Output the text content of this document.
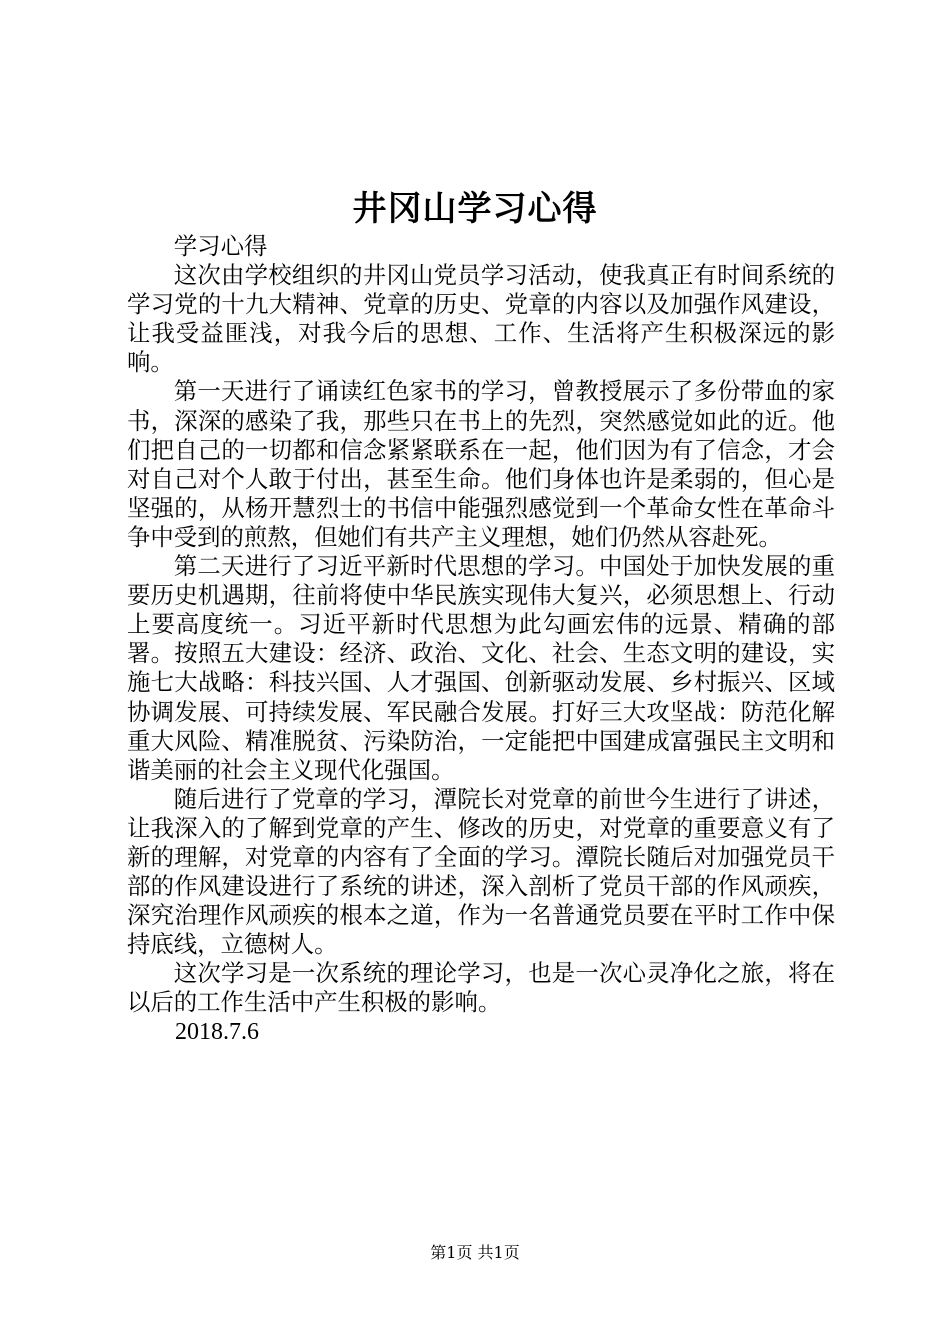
井冈山学习心得

学习心得

这次由学校组织的井冈山党员学习活动，使我真正有时间系统的学习党的十九大精神、党章的历史、党章的内容以及加强作风建设，让我受益匪浅，对我今后的思想、工作、生活将产生积极深远的影响。

第一天进行了诵读红色家书的学习，曾教授展示了多份带血的家书，深深的感染了我，那些只在书上的先烈，突然感觉如此的近。他们把自己的一切都和信念紧紧联系在一起，他们因为有了信念，才会对自己对个人敢于付出，甚至生命。他们身体也许是柔弱的，但心是坚强的，从杨开慧烈士的书信中能强烈感觉到一个革命女性在革命斗争中受到的煎熬，但她们有共产主义理想，她们仍然从容赴死。

第二天进行了习近平新时代思想的学习。中国处于加快发展的重要历史机遇期，往前将使中华民族实现伟大复兴，必须思想上、行动上要高度统一。习近平新时代思想为此勾画宏伟的远景、精确的部署。按照五大建设：经济、政治、文化、社会、生态文明的建设，实施七大战略：科技兴国、人才强国、创新驱动发展、乡村振兴、区域协调发展、可持续发展、军民融合发展。打好三大攻坚战：防范化解重大风险、精准脱贫、污染防治，一定能把中国建成富强民主文明和谐美丽的社会主义现代化强国。

随后进行了党章的学习，潭院长对党章的前世今生进行了讲述，让我深入的了解到党章的产生、修改的历史，对党章的重要意义有了新的理解，对党章的内容有了全面的学习。潭院长随后对加强党员干部的作风建设进行了系统的讲述，深入剖析了党员干部的作风顽疾，深究治理作风顽疾的根本之道，作为一名普通党员要在平时工作中保持底线，立德树人。

这次学习是一次系统的理论学习，也是一次心灵净化之旅，将在以后的工作生活中产生积极的影响。

2018.7.6

第1页 共1页
